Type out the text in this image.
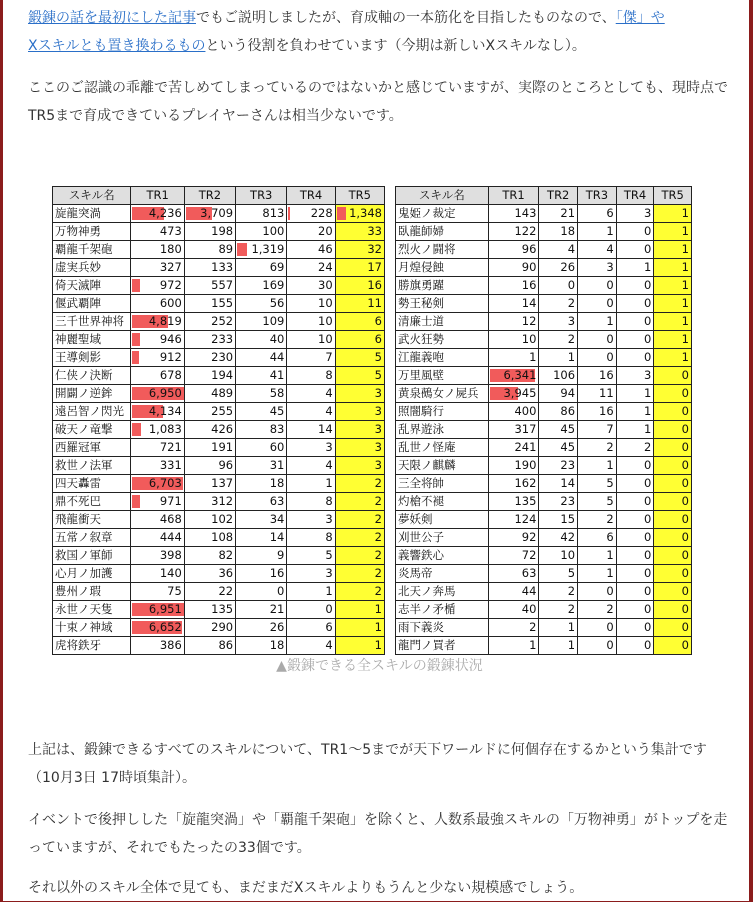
鍛錬の話を最初にした記事でもご説明しましたが、育成軸の一本筋化を目指したものなので、「傑」や
Xスキルとも置き換わるものという役割を負わせています（今期は新しいXスキルなし）。

ここのご認識の乖離で苦しめてしまっているのではないかと感じていますが、実際のところとしても、現時点でTR5まで育成できているプレイヤーさんは相当少ないです。

スキル名	TR1	TR2	TR3	TR4	TR5
旋龍突渦	4,236	3,709	813	228	1,348
万物神勇	473	198	100	20	33
覇龍千架砲	180	89	1,319	46	32
虚実兵妙	327	133	69	24	17
倚天滅陣	972	557	169	30	16
偃武覇陣	600	155	56	10	11
三千世界神将	4,819	252	109	10	6
神麗聖域	946	233	40	10	6
王導剣影	912	230	44	7	5
仁侠ノ決断	678	194	41	8	5
開闢ノ逆鉾	6,950	489	58	4	3
遠呂智ノ閃光	4,134	255	45	4	3
破天ノ竜撃	1,083	426	83	14	3
西羅冠軍	721	191	60	3	3
救世ノ法軍	331	96	31	4	3
四天轟雷	6,703	137	18	1	2
鼎不死巴	971	312	63	8	2
飛龍衝天	468	102	34	3	2
五常ノ叙章	444	108	14	8	2
救国ノ軍師	398	82	9	5	2
心月ノ加護	140	36	16	3	2
豊州ノ瑕	75	22	0	1	2
永世ノ天隻	6,951	135	21	0	1
十束ノ神域	6,652	290	26	6	1
虎将鉄牙	386	86	18	4	1
スキル名	TR1	TR2	TR3	TR4	TR5
鬼姫ノ裁定	143	21	6	3	1
臥龍師婦	122	18	1	0	1
烈火ノ闘将	96	4	4	0	1
月煌侵蝕	90	26	3	1	1
勝旗勇躍	16	0	0	0	1
勢王秘剣	14	2	0	0	1
清廉士道	12	3	1	0	1
武火狂勢	10	2	0	0	1
江龍義咆	1	1	0	0	1
万里風壁	6,341	106	16	3	0
黄泉鵺女ノ屍兵	3,945	94	11	1	0
照闇騎行	400	86	16	1	0
乱界遊泳	317	45	7	1	0
乱世ノ怪庵	241	45	2	2	0
天限ノ麒麟	190	23	1	0	0
三全将帥	162	14	5	0	0
灼槍不褪	135	23	5	0	0
夢妖剣	124	15	2	0	0
刈世公子	92	42	6	0	0
義響鉄心	72	10	1	0	0
炎馬帝	63	5	1	0	0
北天ノ奔馬	44	2	0	0	0
志半ノ矛楯	40	2	2	0	0
雨下義炎	2	1	0	0	0
龍門ノ買者	1	1	0	0	0
▲鍛錬できる全スキルの鍛錬状況

上記は、鍛錬できるすべてのスキルについて、TR1〜5までが天下ワールドに何個存在するかという集計です（10月3日 17時頃集計）。

イベントで後押しした「旋龍突渦」や「覇龍千架砲」を除くと、人数系最強スキルの「万物神勇」がトップを走っていますが、それでもたったの33個です。

それ以外のスキル全体で見ても、まだまだXスキルよりもうんと少ない規模感でしょう。
